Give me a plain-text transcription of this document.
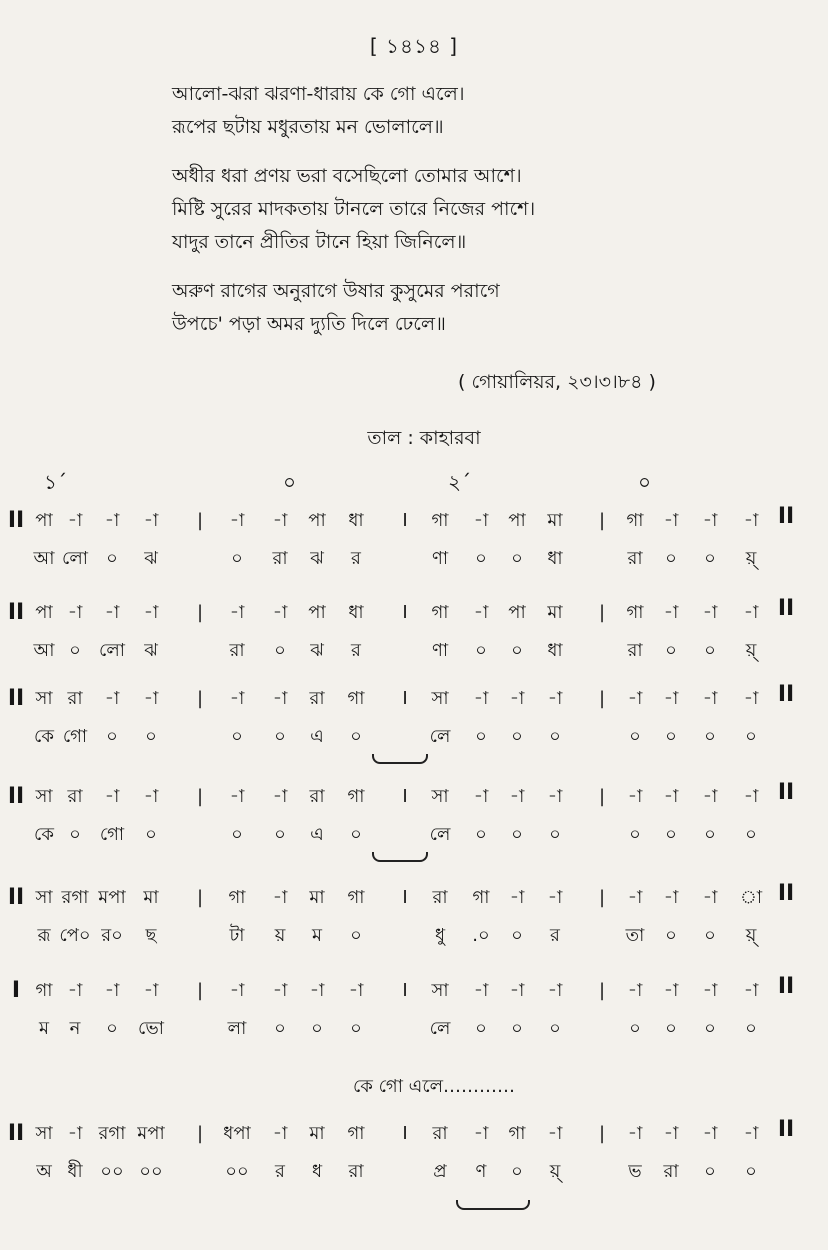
[ ১৪১৪ ]

আলো-ঝরা ঝরণা-ধারায় কে গো এলে।

রূপের ছটায় মধুরতায় মন ভোলালে॥

অধীর ধরা প্রণয় ভরা বসেছিলো তোমার আশে।

মিষ্টি সুরের মাদকতায় টানলে তারে নিজের পাশে।

যাদুর তানে প্রীতির টানে হিয়া জিনিলে॥

অরুণ রাগের অনুরাগে উষার কুসুমের পরাগে

উপচে' পড়া অমর দ্যুতি দিলে ঢেলে॥

( গোয়ালিয়র, ২৩।৩।৮৪ )
তাল : কাহারবা
১´	০	২´	০
II	II
পা -া -া -া | -া -া পা ধা I গা -া পা মা | গা -া -া -া
আ লো ০ ঝ	০ রা ঝ র	ণা ০ ০ ধা	রা ০ ০ য়্
II	II
পা -া -া -া | -া -া পা ধা I গা -া পা মা | গা -া -া -া
আ ০ লো ঝ	রা ০ ঝ র	ণা ০ ০ ধা	রা ০ ০ য়্
II	II
সা রা -া -া | -া -া রা গা I সা -া -া -া | -া -া -া -া
কে গো ০ ০	০ ০ এ ০	লে ০ ০ ০	০ ০ ০ ০
II	II
সা রা -া -া | -া -া রা গা I সা -া -া -া | -া -া -া -া
কে ০ গো ০	০ ০ এ ০	লে ০ ০ ০	০ ০ ০ ০
II	II
সা রগা মপা মা | গা -া মা গা I রা গা -া -া | -া -া -া া
রূ পে০ র০ ছ	টা য় ম ০	ধু .০ ০ র	তা ০ ০ য়্
I	II
গা -া -া -া | -া -া -া -া I সা -া -া -া | -া -া -া -া
ম ন ০ ভো	লা ০ ০ ০	লে ০ ০ ০	০ ০ ০ ০
II	II
সা -া রগা মপা | ধপা -া মা গা I রা -া গা -া | -া -া -া -া
অ ধী ০০ ০০	০০ র ধ রা	প্র ণ ০ য়্	ভ রা ০ ০
কে গো এলে…………
